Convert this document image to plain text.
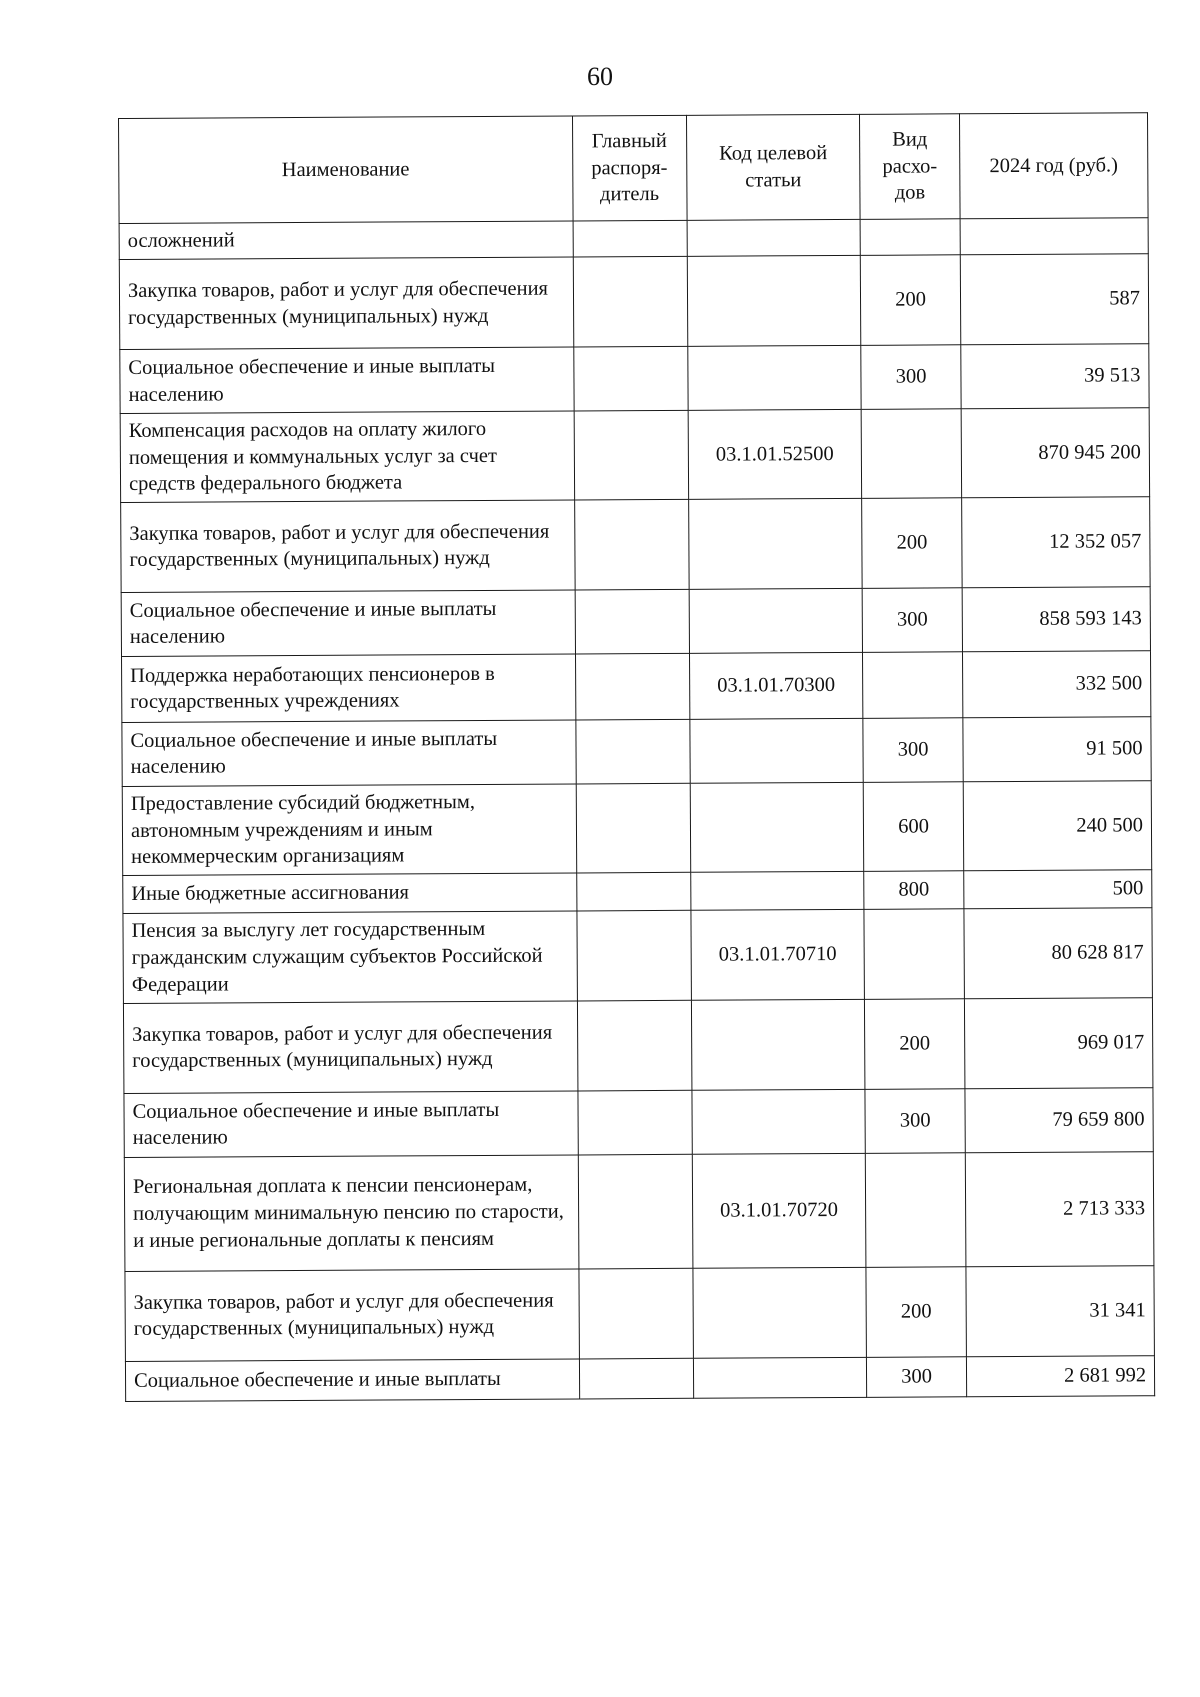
60
Наименование	Главный распоря-дитель	Код целевой статьи	Вид расхо-дов	2024 год (руб.)
осложнений				
Закупка товаров, работ и услуг для обеспечения государственных (муниципальных) нужд			200	587
Социальное обеспечение и иные выплаты населению			300	39 513
Компенсация расходов на оплату жилого помещения и коммунальных услуг за счет средств федерального бюджета		03.1.01.52500		870 945 200
Закупка товаров, работ и услуг для обеспечения государственных (муниципальных) нужд			200	12 352 057
Социальное обеспечение и иные выплаты населению			300	858 593 143
Поддержка неработающих пенсионеров в государственных учреждениях		03.1.01.70300		332 500
Социальное обеспечение и иные выплаты населению			300	91 500
Предоставление субсидий бюджетным, автономным учреждениям и иным некоммерческим организациям			600	240 500
Иные бюджетные ассигнования			800	500
Пенсия за выслугу лет государственным гражданским служащим субъектов Российской Федерации		03.1.01.70710		80 628 817
Закупка товаров, работ и услуг для обеспечения государственных (муниципальных) нужд			200	969 017
Социальное обеспечение и иные выплаты населению			300	79 659 800
Региональная доплата к пенсии пенсионерам, получающим минимальную пенсию по старости, и иные региональные доплаты к пенсиям		03.1.01.70720		2 713 333
Закупка товаров, работ и услуг для обеспечения государственных (муниципальных) нужд			200	31 341
Социальное обеспечение и иные выплаты			300	2 681 992
